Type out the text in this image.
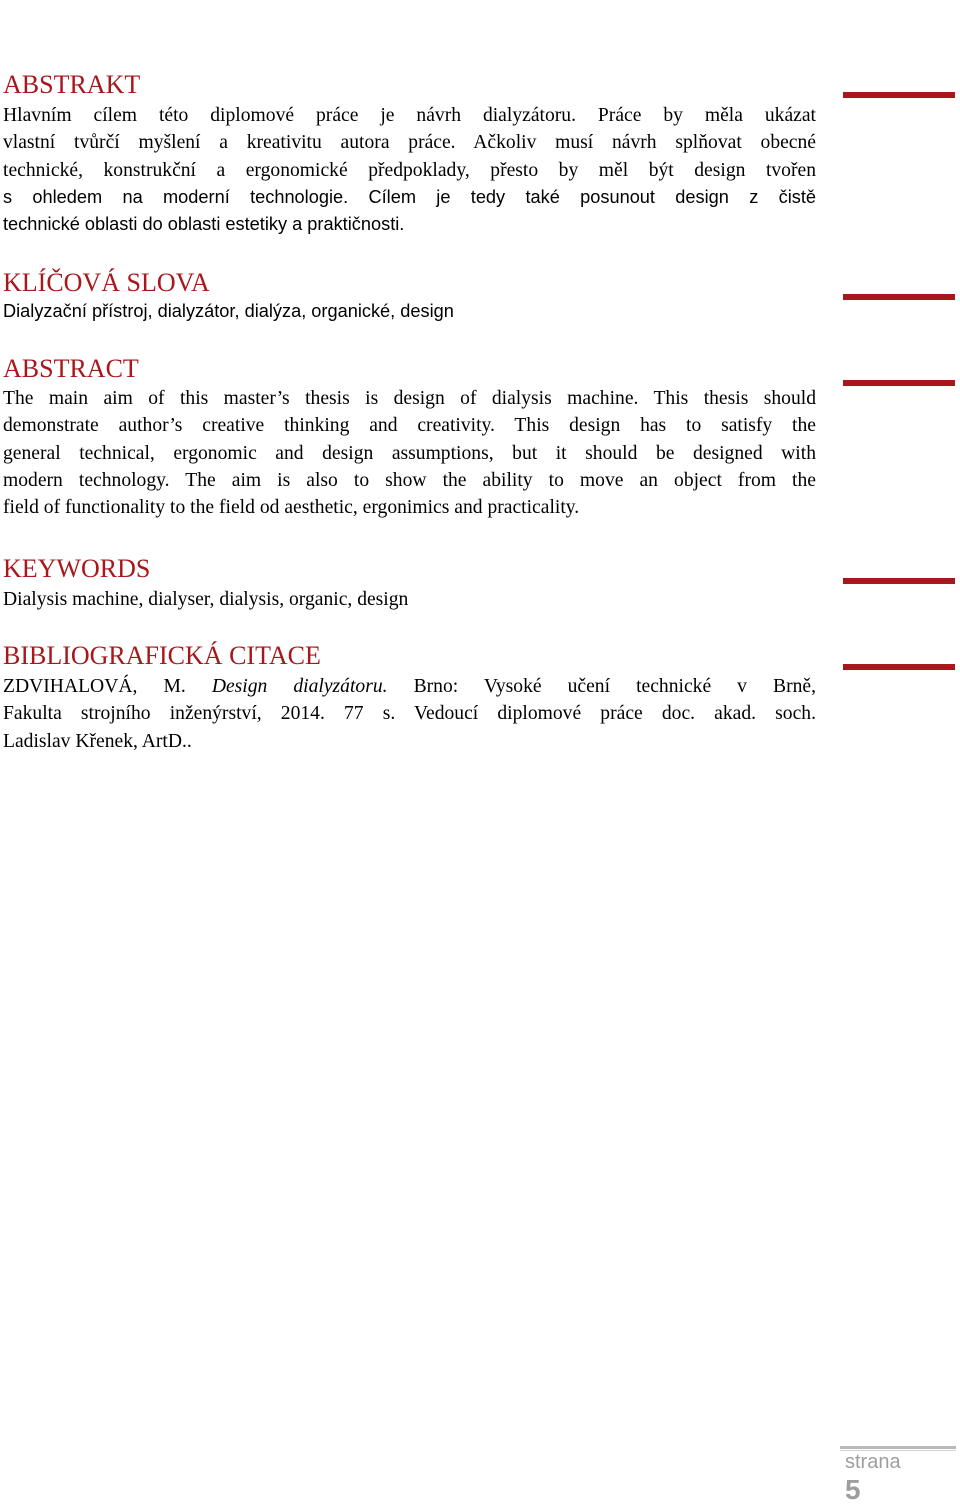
ABSTRAKT
Hlavním cílem této diplomové práce je návrh dialyzátoru. Práce by měla ukázat
vlastní tvůrčí myšlení a kreativitu autora práce. Ačkoliv musí návrh splňovat obecné
technické, konstrukční a ergonomické předpoklady, přesto by měl být design tvořen
s ohledem na moderní technologie. Cílem je tedy také posunout design z čistě
technické oblasti do oblasti estetiky a praktičnosti.
KLÍČOVÁ SLOVA

Dialyzační přístroj, dialyzátor, dialýza, organické, design

ABSTRACT
The main aim of this master’s thesis is design of dialysis machine. This thesis should
demonstrate author’s creative thinking and creativity. This design has to satisfy the
general technical, ergonomic and design assumptions, but it should be designed with
modern technology. The aim is also to show the ability to move an object from the
field of functionality to the field od aesthetic, ergonimics and practicality.
KEYWORDS

Dialysis machine, dialyser, dialysis, organic, design

BIBLIOGRAFICKÁ CITACE
ZDVIHALOVÁ, M. Design dialyzátoru. Brno: Vysoké učení technické v Brně,
Fakulta strojního inženýrství, 2014. 77 s. Vedoucí diplomové práce doc. akad. soch.
Ladislav Křenek, ArtD..
strana
5
